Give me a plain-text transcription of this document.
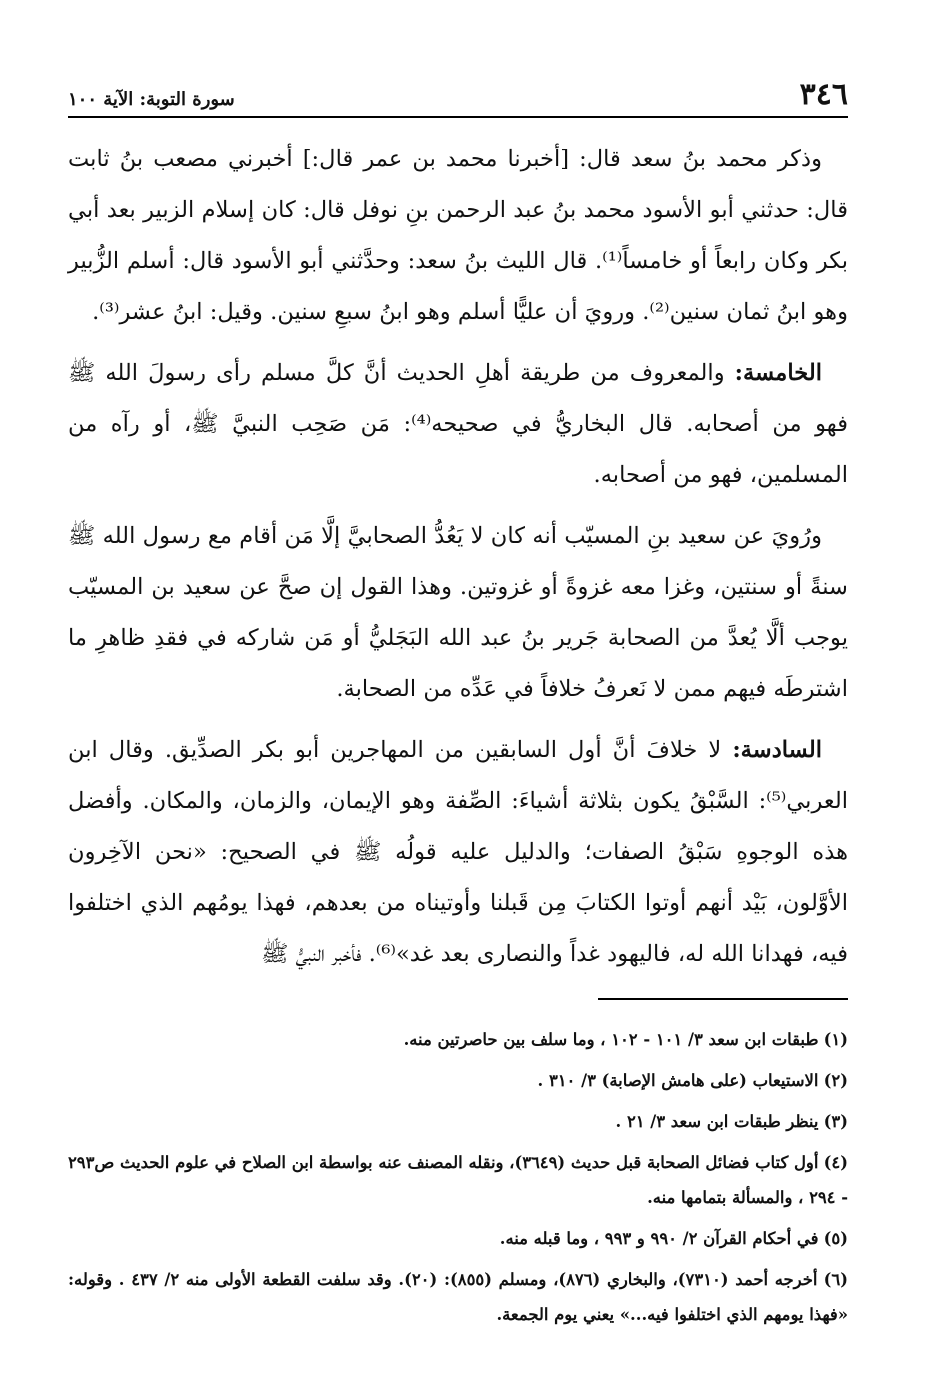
٣٤٦
سورة التوبة: الآية ١٠٠

وذكر محمد بنُ سعد قال: [أخبرنا محمد بن عمر قال:] أخبرني مصعب بنُ ثابت قال: حدثني أبو الأسود محمد بنُ عبد الرحمن بنِ نوفل قال: كان إسلام الزبير بعد أبي بكر وكان رابعاً أو خامساً⁽¹⁾. قال الليث بنُ سعد: وحدَّثني أبو الأسود قال: أسلم الزُّبير وهو ابنُ ثمان سنين⁽²⁾. ورويَ أن عليًّا أسلم وهو ابنُ سبعِ سنين. وقيل: ابنُ عشر⁽³⁾.

الخامسة: والمعروف من طريقة أهلِ الحديث أنَّ كلَّ مسلم رأى رسولَ الله ﷺ فهو من أصحابه. قال البخاريُّ في صحيحه⁽⁴⁾: مَن صَحِب النبيَّ ﷺ، أو رآه من المسلمين، فهو من أصحابه.

ورُويَ عن سعيد بنِ المسيّب أنه كان لا يَعُدُّ الصحابيَّ إلَّا مَن أقام مع رسول الله ﷺ سنةً أو سنتين، وغزا معه غزوةً أو غزوتين. وهذا القول إن صحَّ عن سعيد بن المسيّب يوجب ألَّا يُعدَّ من الصحابة جَرير بنُ عبد الله البَجَليُّ أو مَن شاركه في فقدِ ظاهرِ ما اشترطَه فيهم ممن لا نَعرفُ خلافاً في عَدِّه من الصحابة.

السادسة: لا خلافَ أنَّ أول السابقين من المهاجرين أبو بكر الصدِّيق. وقال ابن العربي⁽⁵⁾: السَّبْقُ يكون بثلاثة أشياءَ: الصِّفة وهو الإيمان، والزمان، والمكان. وأفضل هذه الوجوهِ سَبْقُ الصفات؛ والدليل عليه قولُه ﷺ في الصحيح: «نحن الآخِرون الأوَّلون، بَيْد أنهم أوتوا الكتابَ مِن قَبلنا وأوتيناه من بعدهم، فهذا يومُهم الذي اختلفوا فيه، فهدانا الله له، فاليهود غداً والنصارى بعد غد»⁽⁶⁾. فأخبر النبيُّ ﷺ

(١) طبقات ابن سعد ٣/ ١٠١ - ١٠٢ ، وما سلف بين حاصرتين منه.

(٢) الاستيعاب (على هامش الإصابة) ٣/ ٣١٠ .

(٣) ينظر طبقات ابن سعد ٣/ ٢١ .

(٤) أول كتاب فضائل الصحابة قبل حديث (٣٦٤٩)، ونقله المصنف عنه بواسطة ابن الصلاح في علوم الحديث ص٢٩٣ - ٢٩٤ ، والمسألة بتمامها منه.

(٥) في أحكام القرآن ٢/ ٩٩٠ و ٩٩٣ ، وما قبله منه.

(٦) أخرجه أحمد (٧٣١٠)، والبخاري (٨٧٦)، ومسلم (٨٥٥): (٢٠). وقد سلفت القطعة الأولى منه ٢/ ٤٣٧ . وقوله: «فهذا يومهم الذي اختلفوا فيه...» يعني يوم الجمعة.
